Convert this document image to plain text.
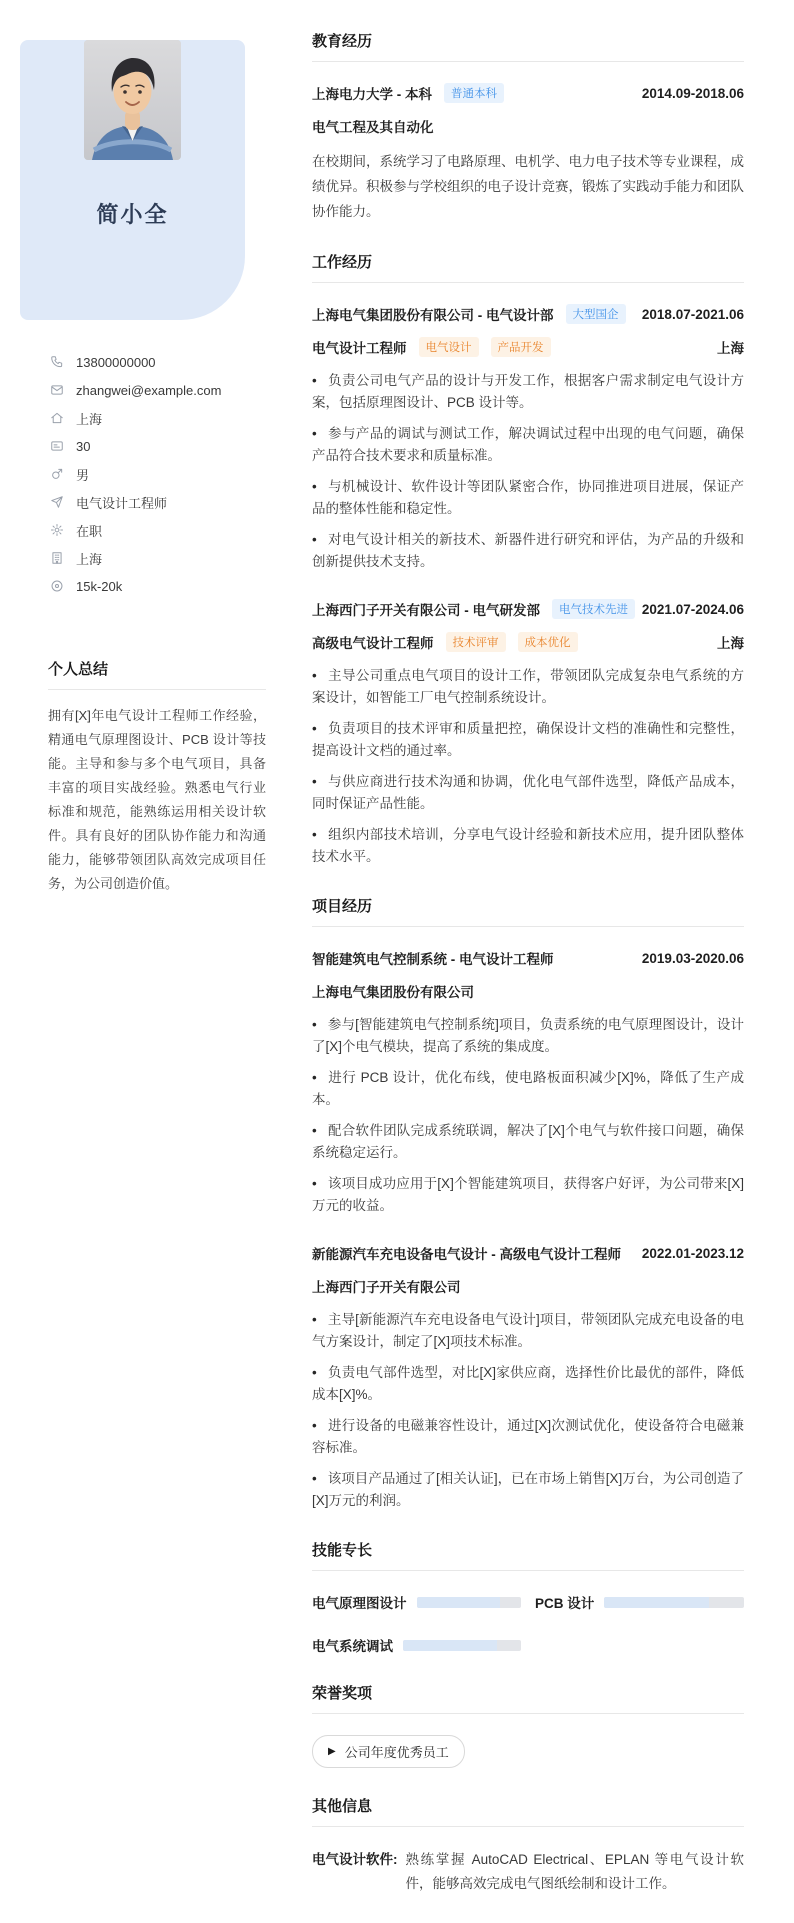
简小全
13800000000
zhangwei@example.com
上海
30
男
电气设计工程师
在职
上海
15k-20k
个人总结

拥有[X]年电气设计工程师工作经验，精通电气原理图设计、PCB 设计等技能。主导和参与多个电气项目，具备丰富的项目实战经验。熟悉电气行业标准和规范，能熟练运用相关设计软件。具有良好的团队协作能力和沟通能力，能够带领团队高效完成项目任务，为公司创造价值。

教育经历
上海电力大学 - 本科	普通本科	2014.09-2018.06
电气工程及其自动化

在校期间，系统学习了电路原理、电机学、电力电子技术等专业课程，成绩优异。积极参与学校组织的电子设计竞赛，锻炼了实践动手能力和团队协作能力。

工作经历
上海电气集团股份有限公司 - 电气设计部	大型国企	2018.07-2021.06
电气设计工程师	电气设计	产品开发	上海

• 负责公司电气产品的设计与开发工作，根据客户需求制定电气设计方案，包括原理图设计、PCB 设计等。

• 参与产品的调试与测试工作，解决调试过程中出现的电气问题，确保产品符合技术要求和质量标准。

• 与机械设计、软件设计等团队紧密合作，协同推进项目进展，保证产品的整体性能和稳定性。

• 对电气设计相关的新技术、新器件进行研究和评估，为产品的升级和创新提供技术支持。

上海西门子开关有限公司 - 电气研发部	电气技术先进	2021.07-2024.06
高级电气设计工程师	技术评审	成本优化	上海

• 主导公司重点电气项目的设计工作，带领团队完成复杂电气系统的方案设计，如智能工厂电气控制系统设计。

• 负责项目的技术评审和质量把控，确保设计文档的准确性和完整性，提高设计文档的通过率。

• 与供应商进行技术沟通和协调，优化电气部件选型，降低产品成本，同时保证产品性能。

• 组织内部技术培训，分享电气设计经验和新技术应用，提升团队整体技术水平。

项目经历
智能建筑电气控制系统 - 电气设计工程师	2019.03-2020.06
上海电气集团股份有限公司

• 参与[智能建筑电气控制系统]项目，负责系统的电气原理图设计，设计了[X]个电气模块，提高了系统的集成度。

• 进行 PCB 设计，优化布线，使电路板面积减少[X]%，降低了生产成本。

• 配合软件团队完成系统联调，解决了[X]个电气与软件接口问题，确保系统稳定运行。

• 该项目成功应用于[X]个智能建筑项目，获得客户好评，为公司带来[X]万元的收益。

新能源汽车充电设备电气设计 - 高级电气设计工程师 2022.01-2023.12
上海西门子开关有限公司

• 主导[新能源汽车充电设备电气设计]项目，带领团队完成充电设备的电气方案设计，制定了[X]项技术标准。

• 负责电气部件选型，对比[X]家供应商，选择性价比最优的部件，降低成本[X]%。

• 进行设备的电磁兼容性设计，通过[X]次测试优化，使设备符合电磁兼容标准。

• 该项目产品通过了[相关认证]，已在市场上销售[X]万台，为公司创造了[X]万元的利润。

技能专长
电气原理图设计	PCB 设计
电气系统调试
荣誉奖项
▶ 公司年度优秀员工
其他信息
电气设计软件: 熟练掌握 AutoCAD Electrical、EPLAN 等电气设计软件，能够高效完成电气图纸绘制和设计工作。
